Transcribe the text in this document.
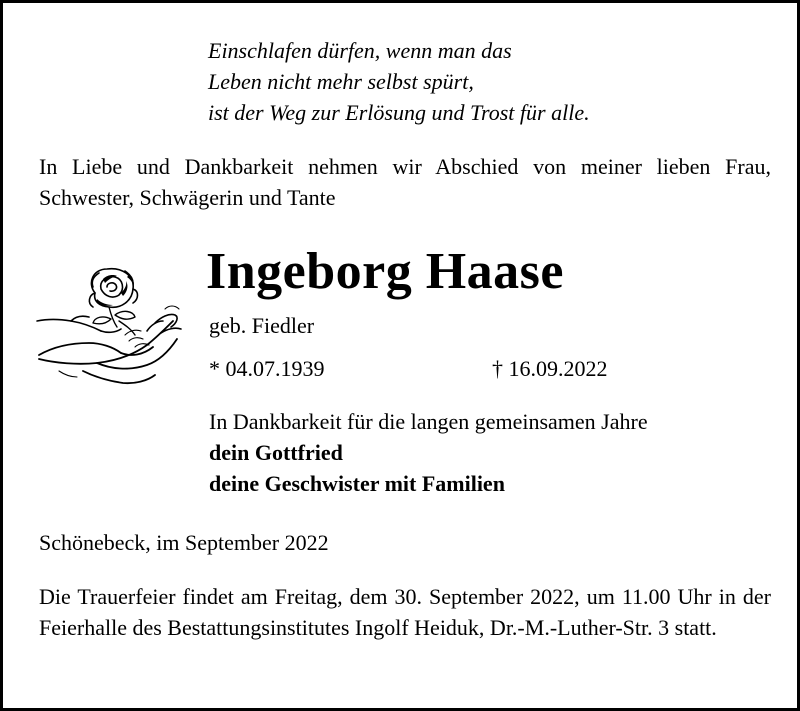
Einschlafen dürfen, wenn man das
Leben nicht mehr selbst spürt,
ist der Weg zur Erlösung und Trost für alle.
In Liebe und Dankbarkeit nehmen wir Abschied von meiner lieben Frau, Schwester, Schwägerin und Tante
Ingeborg Haase
geb. Fiedler
* 04.07.1939	† 16.09.2022
In Dankbarkeit für die langen gemeinsamen Jahre
dein Gottfried
deine Geschwister mit Familien
Schönebeck, im September 2022
Die Trauerfeier findet am Freitag, dem 30. September 2022, um 11.00 Uhr in der Feierhalle des Bestattungsinstitutes Ingolf Heiduk, Dr.-M.-Luther-Str. 3 statt.
